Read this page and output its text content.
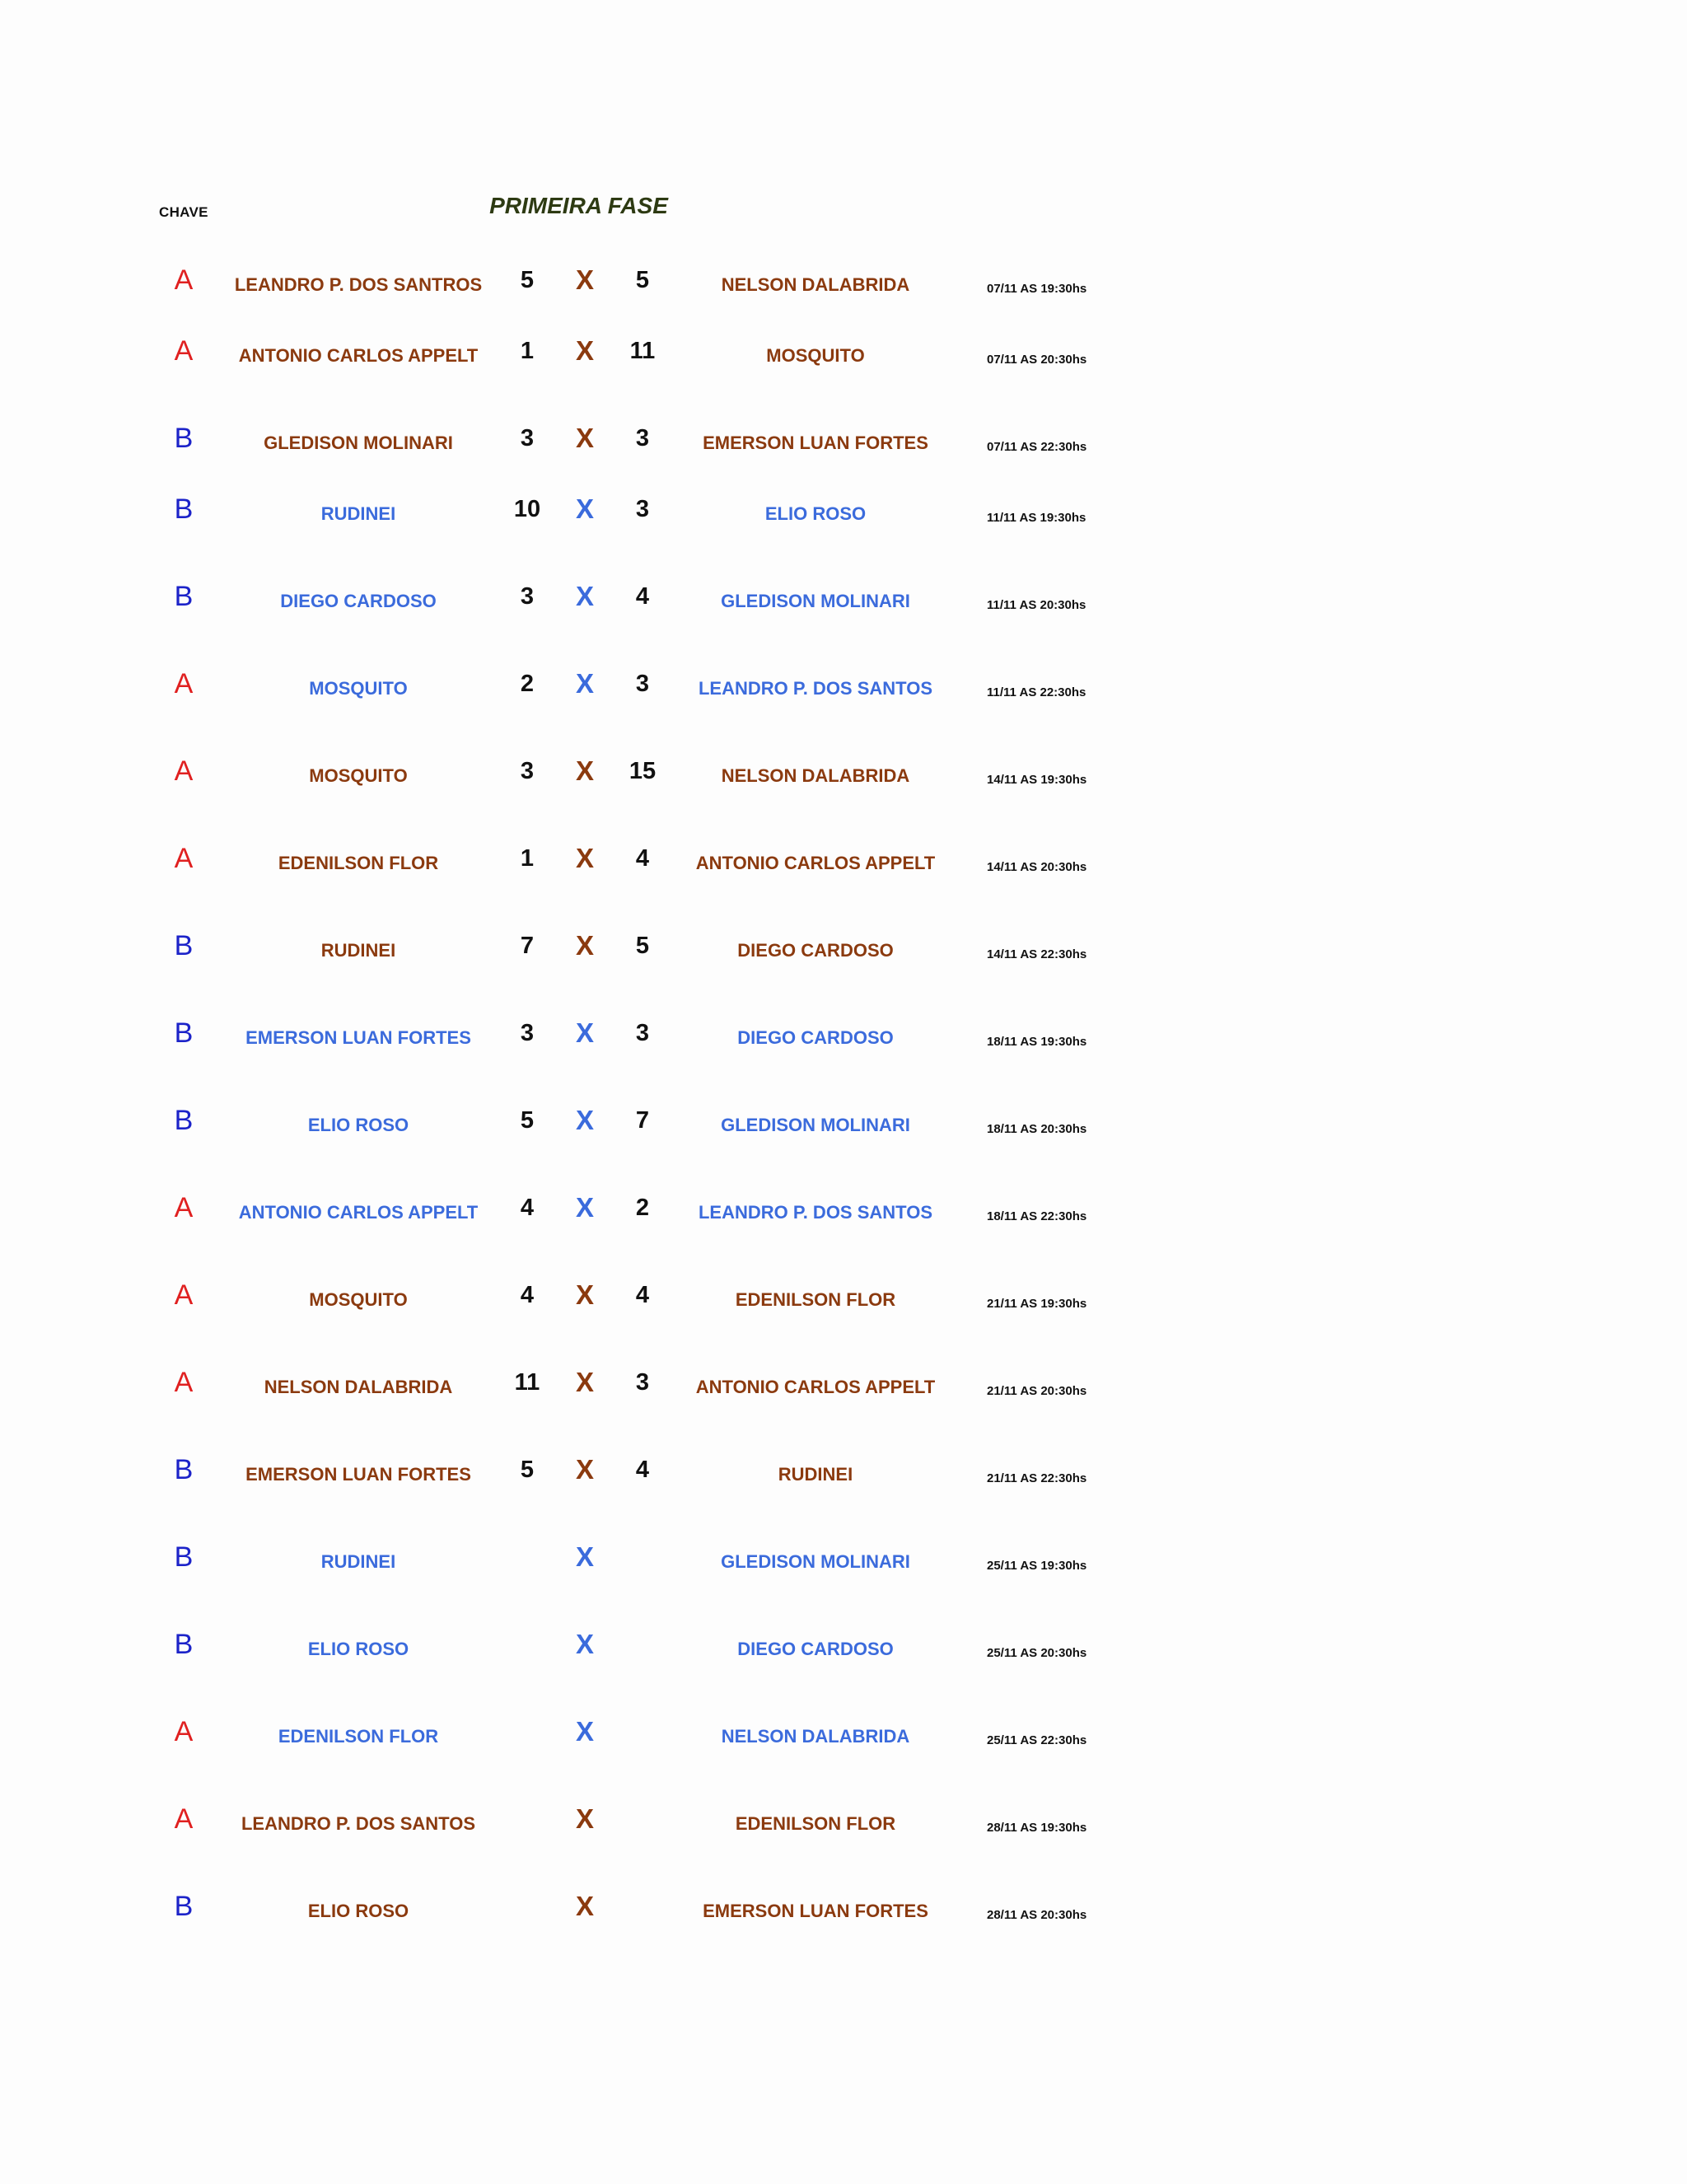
CHAVE	PRIMEIRA FASE
A	LEANDRO P. DOS SANTROS	5	X	5	NELSON DALABRIDA	07/11 AS 19:30hs
A	ANTONIO CARLOS APPELT	1	X	11	MOSQUITO	07/11 AS 20:30hs
B	GLEDISON MOLINARI	3	X	3	EMERSON LUAN FORTES	07/11 AS 22:30hs
B	RUDINEI	10	X	3	ELIO ROSO	11/11 AS 19:30hs
B	DIEGO CARDOSO	3	X	4	GLEDISON MOLINARI	11/11 AS 20:30hs
A	MOSQUITO	2	X	3	LEANDRO P. DOS SANTOS	11/11 AS 22:30hs
A	MOSQUITO	3	X	15	NELSON DALABRIDA	14/11 AS 19:30hs
A	EDENILSON FLOR	1	X	4	ANTONIO CARLOS APPELT	14/11 AS 20:30hs
B	RUDINEI	7	X	5	DIEGO CARDOSO	14/11 AS 22:30hs
B	EMERSON LUAN FORTES	3	X	3	DIEGO CARDOSO	18/11 AS 19:30hs
B	ELIO ROSO	5	X	7	GLEDISON MOLINARI	18/11 AS 20:30hs
A	ANTONIO CARLOS APPELT	4	X	2	LEANDRO P. DOS SANTOS	18/11 AS 22:30hs
A	MOSQUITO	4	X	4	EDENILSON FLOR	21/11 AS 19:30hs
A	NELSON DALABRIDA	11	X	3	ANTONIO CARLOS APPELT	21/11 AS 20:30hs
B	EMERSON LUAN FORTES	5	X	4	RUDINEI	21/11 AS 22:30hs
B	RUDINEI	X	GLEDISON MOLINARI	25/11 AS 19:30hs
B	ELIO ROSO	X	DIEGO CARDOSO	25/11 AS 20:30hs
A	EDENILSON FLOR	X	NELSON DALABRIDA	25/11 AS 22:30hs
A	LEANDRO P. DOS SANTOS	X	EDENILSON FLOR	28/11 AS 19:30hs
B	ELIO ROSO	X	EMERSON LUAN FORTES	28/11 AS 20:30hs
